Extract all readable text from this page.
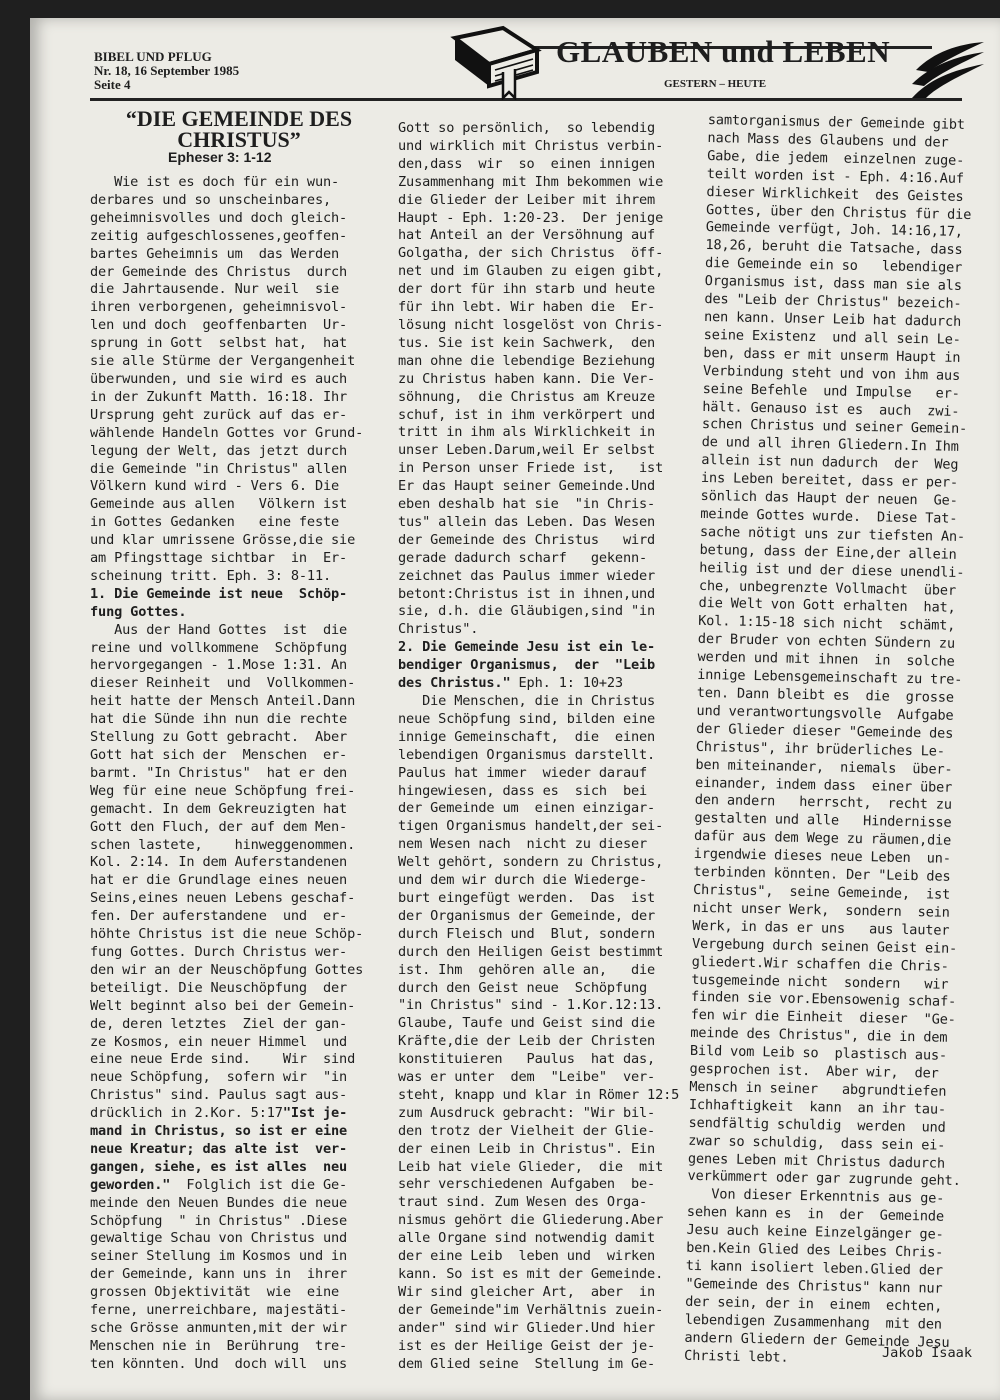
BIBEL UND PFLUG
Nr. 18, 16 September 1985
Seite 4
GLAUBEN und LEBEN
GESTERN – HEUTE
“DIE GEMEINDE DES
CHRISTUS”
Epheser 3: 1-12
Wie ist es doch für ein wun-
derbares und so unscheinbares,
geheimnisvolles und doch gleich-
zeitig aufgeschlossenes,geoffen-
bartes Geheimnis um  das Werden
der Gemeinde des Christus  durch
die Jahrtausende. Nur weil  sie
ihren verborgenen, geheimnisvol-
len und doch  geoffenbarten  Ur-
sprung in Gott  selbst hat,  hat
sie alle Stürme der Vergangenheit
überwunden, und sie wird es auch
in der Zukunft Matth. 16:18. Ihr
Ursprung geht zurück auf das er-
wählende Handeln Gottes vor Grund-
legung der Welt, das jetzt durch
die Gemeinde "in Christus" allen
Völkern kund wird - Vers 6. Die
Gemeinde aus allen   Völkern ist
in Gottes Gedanken   eine feste
und klar umrissene Grösse,die sie
am Pfingsttage sichtbar  in  Er-
scheinung tritt. Eph. 3: 8-11.
1. Die Gemeinde ist neue  Schöp-
fung Gottes.
Aus der Hand Gottes  ist  die
reine und vollkommene  Schöpfung
hervorgegangen - 1.Mose 1:31. An
dieser Reinheit  und  Vollkommen-
heit hatte der Mensch Anteil.Dann
hat die Sünde ihn nun die rechte
Stellung zu Gott gebracht.  Aber
Gott hat sich der  Menschen  er-
barmt. "In Christus"  hat er den
Weg für eine neue Schöpfung frei-
gemacht. In dem Gekreuzigten hat
Gott den Fluch, der auf dem Men-
schen lastete,    hinweggenommen.
Kol. 2:14. In dem Auferstandenen
hat er die Grundlage eines neuen
Seins,eines neuen Lebens geschaf-
fen. Der auferstandene  und  er-
höhte Christus ist die neue Schöp-
fung Gottes. Durch Christus wer-
den wir an der Neuschöpfung Gottes
beteiligt. Die Neuschöpfung  der
Welt beginnt also bei der Gemein-
de, deren letztes  Ziel der gan-
ze Kosmos, ein neuer Himmel  und
eine neue Erde sind.    Wir  sind
neue Schöpfung,  sofern wir  "in
Christus" sind. Paulus sagt aus-
drücklich in 2.Kor. 5:17"Ist je-
mand in Christus, so ist er eine
neue Kreatur; das alte ist  ver-
gangen, siehe, es ist alles  neu
geworden."  Folglich ist die Ge-
meinde den Neuen Bundes die neue
Schöpfung  " in Christus" .Diese
gewaltige Schau von Christus und
seiner Stellung im Kosmos und in
der Gemeinde, kann uns in  ihrer
grossen Objektivität  wie  eine
ferne, unerreichbare, majestäti-
sche Grösse anmunten,mit der wir
Menschen nie in  Berührung  tre-
ten könnten. Und  doch will  uns
Gott so persönlich,  so lebendig
und wirklich mit Christus verbin-
den,dass  wir  so  einen innigen
Zusammenhang mit Ihm bekommen wie
die Glieder der Leiber mit ihrem
Haupt - Eph. 1:20-23.  Der jenige
hat Anteil an der Versöhnung auf
Golgatha, der sich Christus  öff-
net und im Glauben zu eigen gibt,
der dort für ihn starb und heute
für ihn lebt. Wir haben die  Er-
lösung nicht losgelöst von Chris-
tus. Sie ist kein Sachwerk,  den
man ohne die lebendige Beziehung
zu Christus haben kann. Die Ver-
söhnung,  die Christus am Kreuze
schuf, ist in ihm verkörpert und
tritt in ihm als Wirklichkeit in
unser Leben.Darum,weil Er selbst
in Person unser Friede ist,   ist
Er das Haupt seiner Gemeinde.Und
eben deshalb hat sie  "in Chris-
tus" allein das Leben. Das Wesen
der Gemeinde des Christus   wird
gerade dadurch scharf   gekenn-
zeichnet das Paulus immer wieder
betont:Christus ist in ihnen,und
sie, d.h. die Gläubigen,sind "in
Christus".
2. Die Gemeinde Jesu ist ein le-
bendiger Organismus,  der  "Leib
des Christus." Eph. 1: 10+23
Die Menschen, die in Christus
neue Schöpfung sind, bilden eine
innige Gemeinschaft,  die  einen
lebendigen Organismus darstellt.
Paulus hat immer  wieder darauf
hingewiesen, dass es  sich  bei
der Gemeinde um  einen einzigar-
tigen Organismus handelt,der sei-
nem Wesen nach  nicht zu dieser
Welt gehört, sondern zu Christus,
und dem wir durch die Wiederge-
burt eingefügt werden.  Das  ist
der Organismus der Gemeinde, der
durch Fleisch und  Blut, sondern
durch den Heiligen Geist bestimmt
ist. Ihm  gehören alle an,   die
durch den Geist neue  Schöpfung
"in Christus" sind - 1.Kor.12:13.
Glaube, Taufe und Geist sind die
Kräfte,die der Leib der Christen
konstituieren   Paulus  hat das,
was er unter  dem  "Leibe"  ver-
steht, knapp und klar in Römer 12:5
zum Ausdruck gebracht: "Wir bil-
den trotz der Vielheit der Glie-
der einen Leib in Christus". Ein
Leib hat viele Glieder,  die  mit
sehr verschiedenen Aufgaben  be-
traut sind. Zum Wesen des Orga-
nismus gehört die Gliederung.Aber
alle Organe sind notwendig damit
der eine Leib  leben und  wirken
kann. So ist es mit der Gemeinde.
Wir sind gleicher Art,  aber  in
der Gemeinde"im Verhältnis zuein-
ander" sind wir Glieder.Und hier
ist es der Heilige Geist der je-
dem Glied seine  Stellung im Ge-
samtorganismus der Gemeinde gibt
nach Mass des Glaubens und der
Gabe, die jedem  einzelnen zuge-
teilt worden ist - Eph. 4:16.Auf
dieser Wirklichkeit  des Geistes
Gottes, über den Christus für die
Gemeinde verfügt, Joh. 14:16,17,
18,26, beruht die Tatsache, dass
die Gemeinde ein so   lebendiger
Organismus ist, dass man sie als
des "Leib der Christus" bezeich-
nen kann. Unser Leib hat dadurch
seine Existenz  und all sein Le-
ben, dass er mit unserm Haupt in
Verbindung steht und von ihm aus
seine Befehle  und Impulse   er-
hält. Genauso ist es  auch  zwi-
schen Christus und seiner Gemein-
de und all ihren Gliedern.In Ihm
allein ist nun dadurch  der  Weg
ins Leben bereitet, dass er per-
sönlich das Haupt der neuen  Ge-
meinde Gottes wurde.  Diese Tat-
sache nötigt uns zur tiefsten An-
betung, dass der Eine,der allein
heilig ist und der diese unendli-
che, unbegrenzte Vollmacht  über
die Welt von Gott erhalten  hat,
Kol. 1:15-18 sich nicht  schämt,
der Bruder von echten Sündern zu
werden und mit ihnen  in  solche
innige Lebensgemeinschaft zu tre-
ten. Dann bleibt es  die  grosse
und verantwortungsvolle  Aufgabe
der Glieder dieser "Gemeinde des
Christus", ihr brüderliches Le-
ben miteinander,  niemals  über-
einander, indem dass  einer über
den andern   herrscht,  recht zu
gestalten und alle   Hindernisse
dafür aus dem Wege zu räumen,die
irgendwie dieses neue Leben  un-
terbinden könnten. Der "Leib des
Christus",  seine Gemeinde,  ist
nicht unser Werk,  sondern  sein
Werk, in das er uns   aus lauter
Vergebung durch seinen Geist ein-
gliedert.Wir schaffen die Chris-
tusgemeinde nicht  sondern   wir
finden sie vor.Ebensowenig schaf-
fen wir die Einheit  dieser  "Ge-
meinde des Christus", die in dem
Bild vom Leib so  plastisch aus-
gesprochen ist.  Aber wir,  der
Mensch in seiner   abgrundtiefen
Ichhaftigkeit  kann  an ihr tau-
sendfältig schuldig  werden  und
zwar so schuldig,  dass sein ei-
genes Leben mit Christus dadurch
verkümmert oder gar zugrunde geht.
Von dieser Erkenntnis aus ge-
sehen kann es  in  der  Gemeinde
Jesu auch keine Einzelgänger ge-
ben.Kein Glied des Leibes Chris-
ti kann isoliert leben.Glied der
"Gemeinde des Christus" kann nur
der sein, der in  einem  echten,
lebendigen Zusammenhang  mit den
andern Gliedern der Gemeinde Jesu
Christi lebt.	Jakob Isaak
